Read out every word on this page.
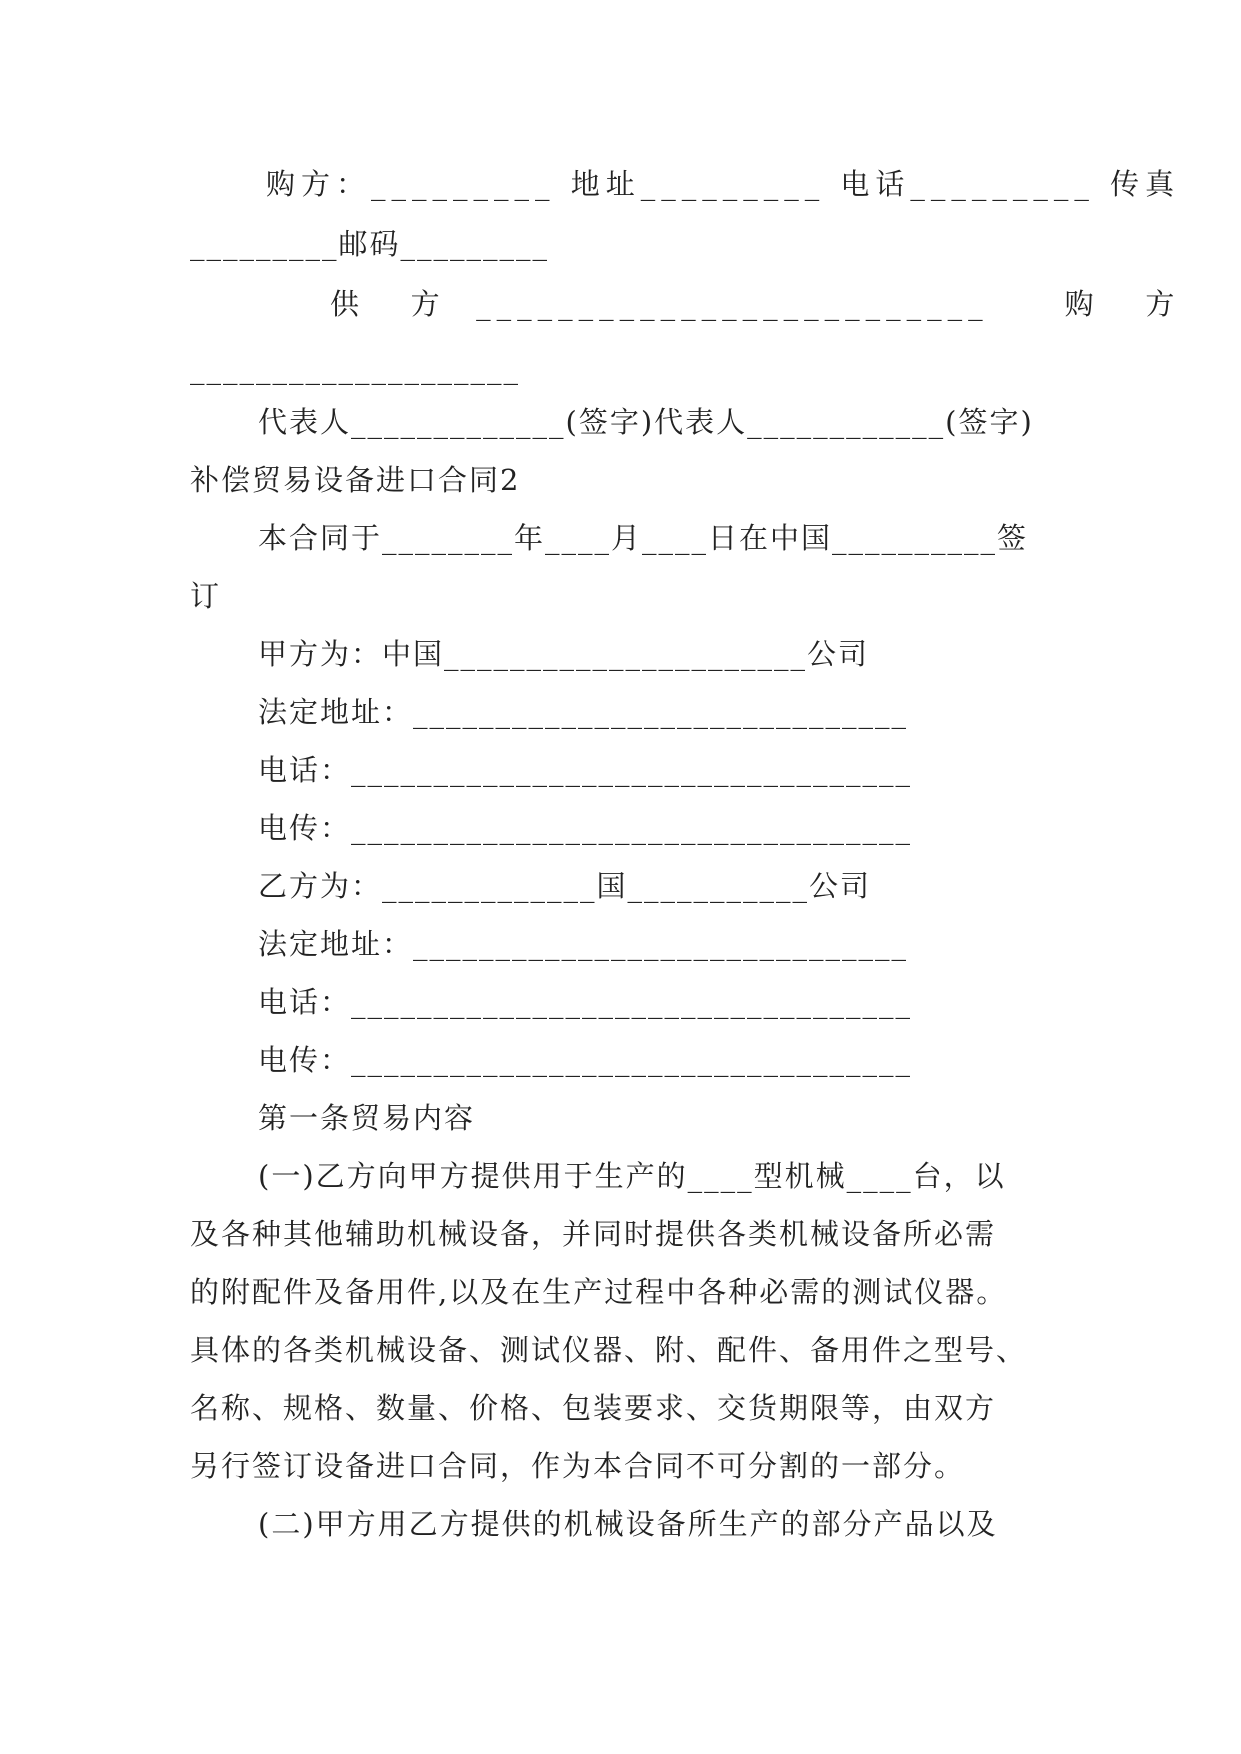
购方：_________ 地址_________ 电话_________ 传真
_________邮码_________
供   方  _________________________     购   方
____________________
代表人_____________(签字)代表人____________(签字)
补偿贸易设备进口合同2
本合同于________年____月____日在中国__________签
订
甲方为：中国______________________公司
法定地址：______________________________
电话：__________________________________
电传：__________________________________
乙方为：_____________国___________公司
法定地址：______________________________
电话：__________________________________
电传：__________________________________
第一条贸易内容
(一)乙方向甲方提供用于生产的____型机械____台，以
及各种其他辅助机械设备，并同时提供各类机械设备所必需
的附配件及备用件,以及在生产过程中各种必需的测试仪器。
具体的各类机械设备、测试仪器、附、配件、备用件之型号、
名称、规格、数量、价格、包装要求、交货期限等，由双方
另行签订设备进口合同，作为本合同不可分割的一部分。
(二)甲方用乙方提供的机械设备所生产的部分产品以及
